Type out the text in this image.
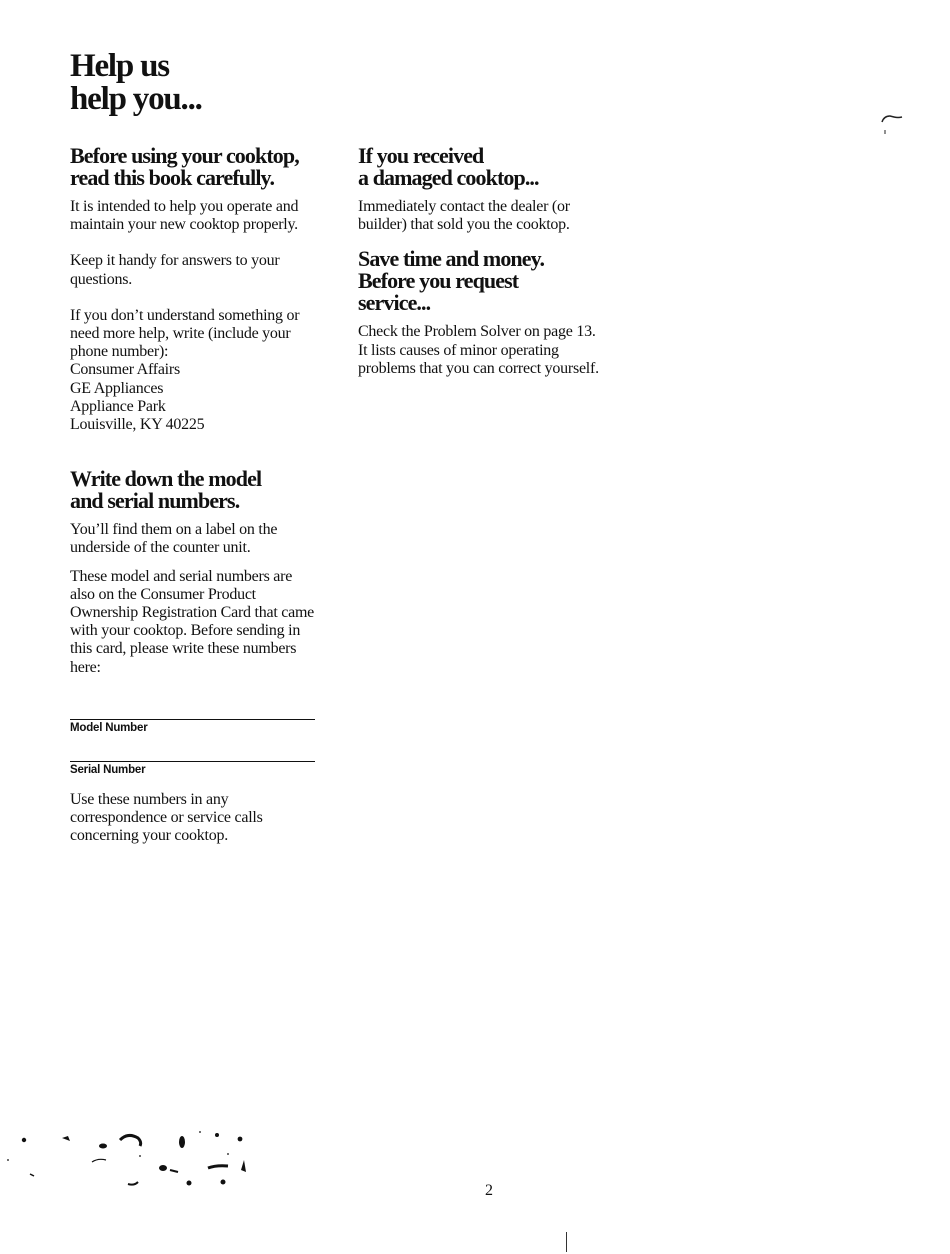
Help us
help you...
Before using your cooktop,
read this book carefully.

It is intended to help you operate and maintain your new cooktop properly.

Keep it handy for answers to your questions.

If you don’t understand something or need more help, write (include your phone number):

Consumer Affairs
GE Appliances
Appliance Park
Louisville, KY 40225

Write down the model
and serial numbers.

You’ll find them on a label on the underside of the counter unit.

These model and serial numbers are also on the Consumer Product Ownership Registration Card that came with your cooktop. Before sending in this card, please write these numbers here:

Model Number
Serial Number

Use these numbers in any correspondence or service calls concerning your cooktop.

If you received
a damaged cooktop...

Immediately contact the dealer (or builder) that sold you the cooktop.

Save time and money.
Before you request
service...

Check the Problem Solver on page 13. It lists causes of minor operating problems that you can correct yourself.

2
